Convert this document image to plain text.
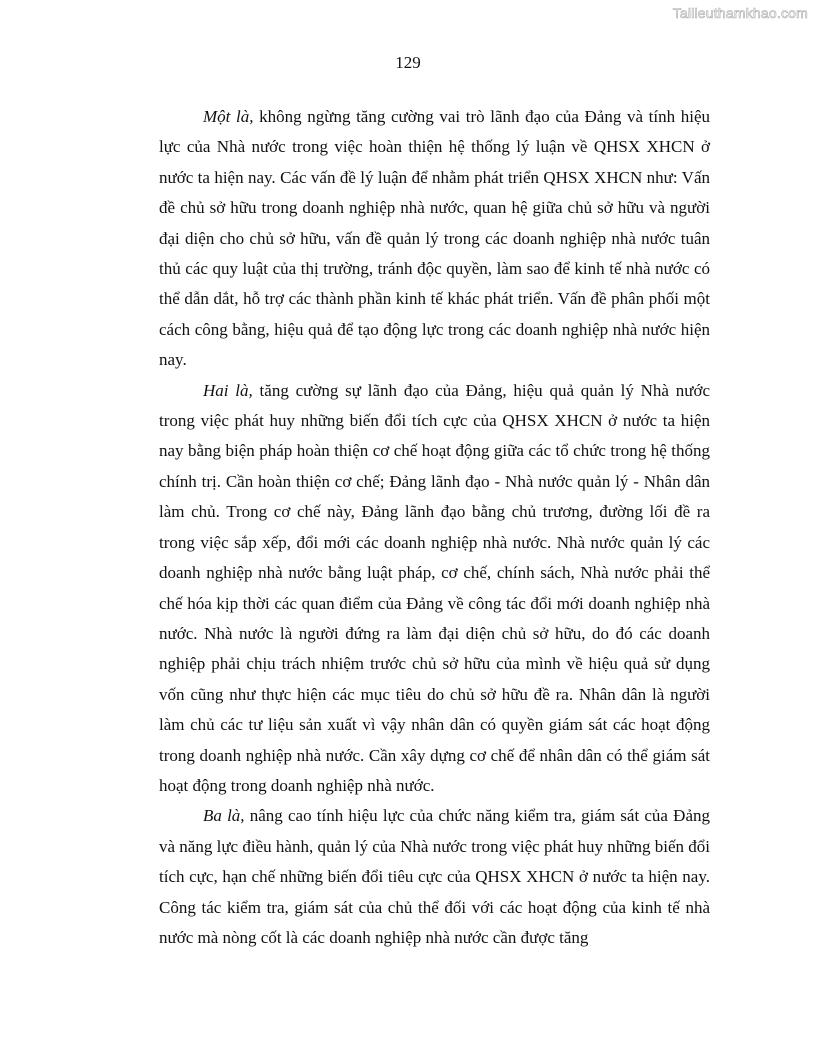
Tailieuthamkhao.com
129

Một là, không ngừng tăng cường vai trò lãnh đạo của Đảng và tính hiệu lực của Nhà nước trong việc hoàn thiện hệ thống lý luận về QHSX XHCN ở nước ta hiện nay. Các vấn đề lý luận để nhằm phát triển QHSX XHCN như: Vấn đề chủ sở hữu trong doanh nghiệp nhà nước, quan hệ giữa chủ sở hữu và người đại diện cho chủ sở hữu, vấn đề quản lý trong các doanh nghiệp nhà nước tuân thủ các quy luật của thị trường, tránh độc quyền, làm sao để kinh tế nhà nước có thể dẫn dắt, hỗ trợ các thành phần kinh tế khác phát triển. Vấn đề phân phối một cách công bằng, hiệu quả để tạo động lực trong các doanh nghiệp nhà nước hiện nay.

Hai là, tăng cường sự lãnh đạo của Đảng, hiệu quả quản lý Nhà nước trong việc phát huy những biến đổi tích cực của QHSX XHCN ở nước ta hiện nay bằng biện pháp hoàn thiện cơ chế hoạt động giữa các tổ chức trong hệ thống chính trị. Cần hoàn thiện cơ chế; Đảng lãnh đạo - Nhà nước quản lý - Nhân dân làm chủ. Trong cơ chế này, Đảng lãnh đạo bằng chủ trương, đường lối đề ra trong việc sắp xếp, đổi mới các doanh nghiệp nhà nước. Nhà nước quản lý các doanh nghiệp nhà nước bằng luật pháp, cơ chế, chính sách, Nhà nước phải thể chế hóa kịp thời các quan điểm của Đảng về công tác đổi mới doanh nghiệp nhà nước. Nhà nước là người đứng ra làm đại diện chủ sở hữu, do đó các doanh nghiệp phải chịu trách nhiệm trước chủ sở hữu của mình về hiệu quả sử dụng vốn cũng như thực hiện các mục tiêu do chủ sở hữu đề ra. Nhân dân là người làm chủ các tư liệu sản xuất vì vậy nhân dân có quyền giám sát các hoạt động trong doanh nghiệp nhà nước. Cần xây dựng cơ chế để nhân dân có thể giám sát hoạt động trong doanh nghiệp nhà nước.

Ba là, nâng cao tính hiệu lực của chức năng kiểm tra, giám sát của Đảng và năng lực điều hành, quản lý của Nhà nước trong việc phát huy những biến đổi tích cực, hạn chế những biến đổi tiêu cực của QHSX XHCN ở nước ta hiện nay. Công tác kiểm tra, giám sát của chủ thể đối với các hoạt động của kinh tế nhà nước mà nòng cốt là các doanh nghiệp nhà nước cần được tăng
